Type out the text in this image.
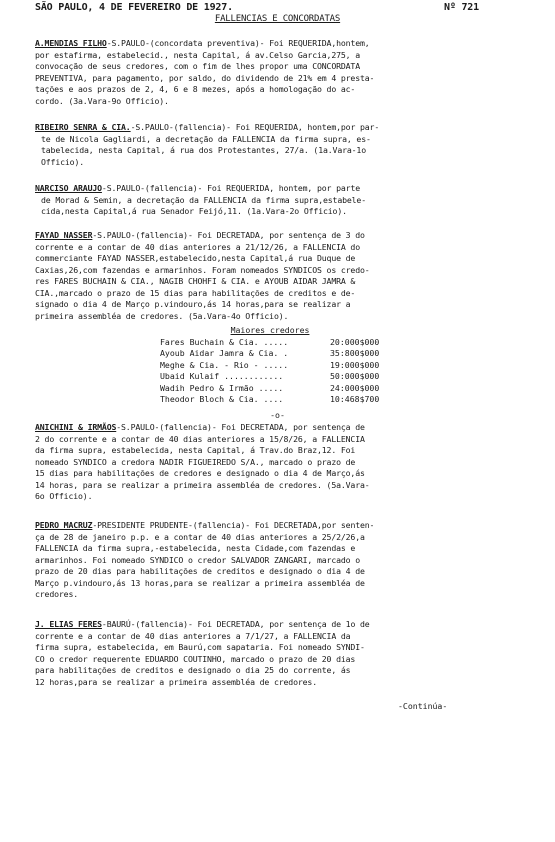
SÃO PAULO, 4 DE FEVEREIRO DE 1927.	Nº 721
FALLENCIAS E CONCORDATAS
A.MENDIAS FILHO-S.PAULO-(concordata preventiva)- Foi REQUERIDA,hontem,
por estafirma, estabelecid., nesta Capital, á av.Celso Garcia,275, a
convocação de seus credores, com o fim de lhes propor uma CONCORDATA
PREVENTIVA, para pagamento, por saldo, do dividendo de 21% em 4 presta-
tações e aos prazos de 2, 4, 6 e 8 mezes, após a homologação do ac-
cordo. (3a.Vara-9o Officio).
RIBEIRO SENRA & CIA.-S.PAULO-(fallencia)- Foi REQUERIDA, hontem,por par-
te de Nicola Gagliardi, a decretação da FALLENCIA da firma supra, es-
tabelecida, nesta Capital, á rua dos Protestantes, 27/a. (1a.Vara-1o
Officio).
NARCISO ARAUJO-S.PAULO-(fallencia)- Foi REQUERIDA, hontem, por parte
de Morad & Semin, a decretação da FALLENCIA da firma supra,estabele-
cida,nesta Capital,á rua Senador Feijó,11. (1a.Vara-2o Officio).
FAYAD NASSER-S.PAULO-(fallencia)- Foi DECRETADA, por sentença de 3 do
corrente e a contar de 40 dias anteriores a 21/12/26, a FALLENCIA do
commerciante FAYAD NASSER,estabelecido,nesta Capital,á rua Duque de
Caxias,26,com fazendas e armarinhos. Foram nomeados SYNDICOS os credo-
res FARES BUCHAIN & CIA., NAGIB CHOHFI & CIA. e AYOUB AIDAR JAMRA &
CIA.,marcado o prazo de 15 dias para habilitações de creditos e de-
signado o dia 4 de Março p.vindouro,ás 14 horas,para se realizar a
primeira assembléa de credores. (5a.Vara-4o Officio).
Maiores credores
Fares Buchain & Cia. .....	20:000$000
Ayoub Aidar Jamra & Cia. .	35:800$000
Meghe & Cia. - Rio - .....	19:000$000
Ubaid Kulaif ............	50:000$000
Wadih Pedro & Irmão .....	24:000$000
Theodor Bloch & Cia. ....	10:468$700
-o-
ANICHINI & IRMÃOS-S.PAULO-(fallencia)- Foi DECRETADA, por sentença de
2 do corrente e a contar de 40 dias anteriores a 15/8/26, a FALLENCIA
da firma supra, estabelecida, nesta Capital, á Trav.do Braz,12. Foi
nomeado SYNDICO a credora NADIR FIGUEIREDO S/A., marcado o prazo de
15 dias para habilitações de credores e designado o dia 4 de Março,ás
14 horas, para se realizar a primeira assembléa de credores. (5a.Vara-
6o Officio).
PEDRO MACRUZ-PRESIDENTE PRUDENTE-(fallencia)- Foi DECRETADA,por senten-
ça de 28 de janeiro p.p. e a contar de 40 dias anteriores a 25/2/26,a
FALLENCIA da firma supra,-estabelecida, nesta Cidade,com fazendas e
armarinhos. Foi nomeado SYNDICO o credor SALVADOR ZANGARI, marcado o
prazo de 20 dias para habilitações de creditos e designado o dia 4 de
Março p.vindouro,ás 13 horas,para se realizar a primeira assembléa de
credores.
J. ELIAS FERES-BAURÚ-(fallencia)- Foi DECRETADA, por sentença de 1o de
corrente e a contar de 40 dias anteriores a 7/1/27, a FALLENCIA da
firma supra, estabelecida, em Baurú,com sapataria. Foi nomeado SYNDI-
CO o credor requerente EDUARDO COUTINHO, marcado o prazo de 20 dias
para habilitações de creditos e designado o dia 25 do corrente, ás
12 horas,para se realizar a primeira assembléa de credores.
-Continúa-
